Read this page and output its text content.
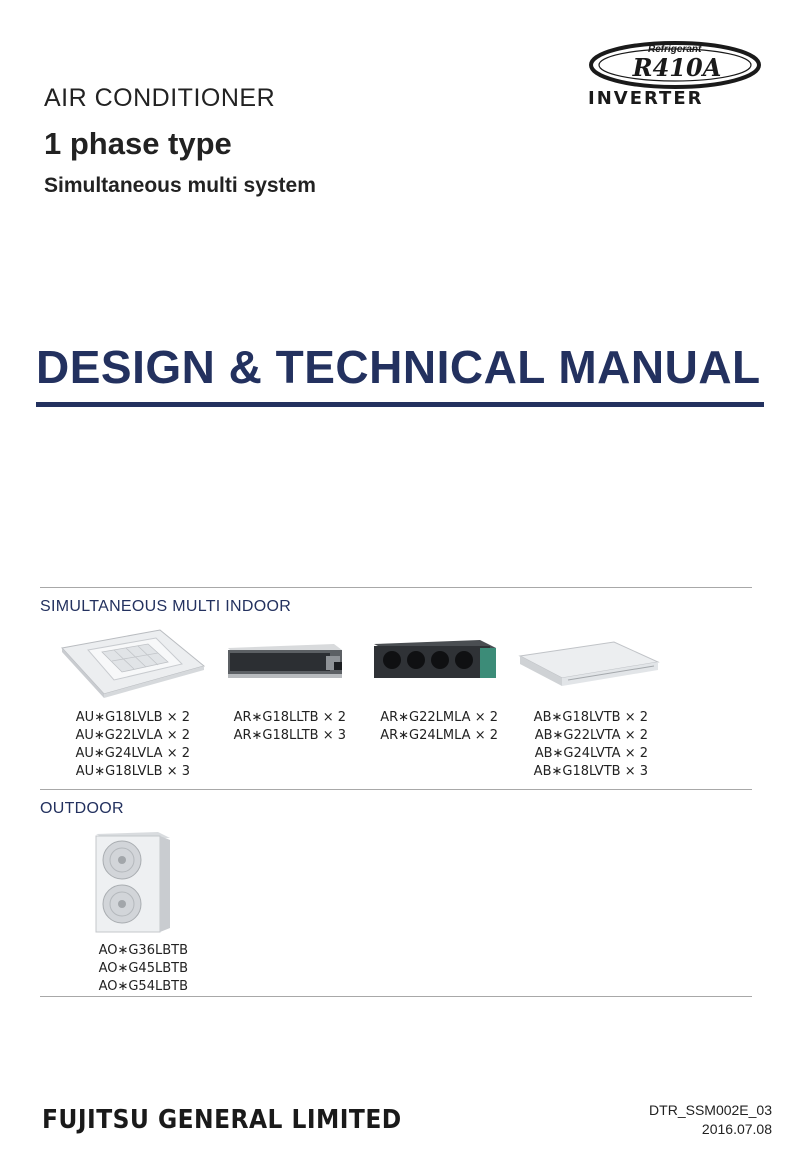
AIR CONDITIONER
1 phase type
Simultaneous multi system
Refrigerant
R410A
INVERTER
DESIGN & TECHNICAL MANUAL
SIMULTANEOUS MULTI INDOOR
AU∗G18LVLB × 2
AU∗G22LVLA × 2
AU∗G24LVLA × 2
AU∗G18LVLB × 3
AR∗G18LLTB × 2
AR∗G18LLTB × 3
AR∗G22LMLA × 2
AR∗G24LMLA × 2
AB∗G18LVTB × 2
AB∗G22LVTA × 2
AB∗G24LVTA × 2
AB∗G18LVTB × 3
OUTDOOR
AO∗G36LBTB
AO∗G45LBTB
AO∗G54LBTB
FUJITSU GENERAL LIMITED	DTR_SSM002E_03
2016.07.08
